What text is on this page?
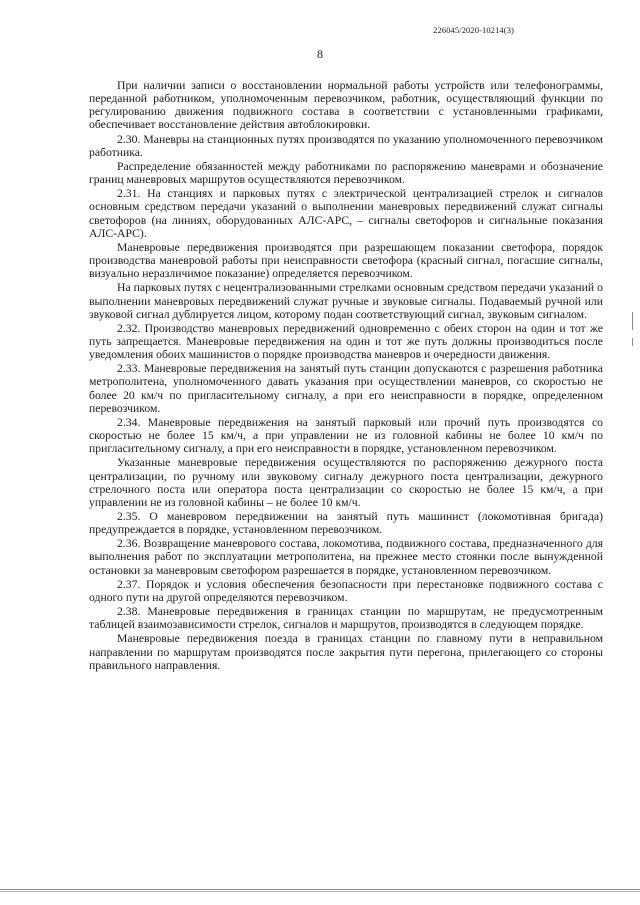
226045/2020-10214(3)
8

При наличии записи о восстановлении нормальной работы устройств или телефонограммы, переданной работником, уполномоченным перевозчиком, работник, осуществляющий функции по регулированию движения подвижного состава в соответствии с установленными графиками, обеспечивает восстановление действия автоблокировки.

2.30. Маневры на станционных путях производятся по указанию уполномоченного перевозчиком работника.

Распределение обязанностей между работниками по распоряжению маневрами и обозначение границ маневровых маршрутов осуществляются перевозчиком.

2.31. На станциях и парковых путях с электрической централизацией стрелок и сигналов основным средством передачи указаний о выполнении маневровых передвижений служат сигналы светофоров (на линиях, оборудованных АЛС-АРС, – сигналы светофоров и сигнальные показания АЛС-АРС).

Маневровые передвижения производятся при разрешающем показании светофора, порядок производства маневровой работы при неисправности светофора (красный сигнал, погасшие сигналы, визуально неразличимое показание) определяется перевозчиком.

На парковых путях с нецентрализованными стрелками основным средством передачи указаний о выполнении маневровых передвижений служат ручные и звуковые сигналы. Подаваемый ручной или звуковой сигнал дублируется лицом, которому подан соответствующий сигнал, звуковым сигналом.

2.32. Производство маневровых передвижений одновременно с обеих сторон на один и тот же путь запрещается. Маневровые передвижения на один и тот же путь должны производиться после уведомления обоих машинистов о порядке производства маневров и очередности движения.

2.33. Маневровые передвижения на занятый путь станции допускаются с разрешения работника метрополитена, уполномоченного давать указания при осуществлении маневров, со скоростью не более 20 км/ч по пригласительному сигналу, а при его неисправности в порядке, определенном перевозчиком.

2.34. Маневровые передвижения на занятый парковый или прочий путь производятся со скоростью не более 15 км/ч, а при управлении не из головной кабины не более 10 км/ч по пригласительному сигналу, а при его неисправности в порядке, установленном перевозчиком.

Указанные маневровые передвижения осуществляются по распоряжению дежурного поста централизации, по ручному или звуковому сигналу дежурного поста централизации, дежурного стрелочного поста или оператора поста централизации со скоростью не более 15 км/ч, а при управлении не из головной кабины – не более 10 км/ч.

2.35. О маневровом передвижении на занятый путь машинист (локомотивная бригада) предупреждается в порядке, установленном перевозчиком.

2.36. Возвращение маневрового состава, локомотива, подвижного состава, предназначенного для выполнения работ по эксплуатации метрополитена, на прежнее место стоянки после вынужденной остановки за маневровым светофором разрешается в порядке, установленном перевозчиком.

2.37. Порядок и условия обеспечения безопасности при перестановке подвижного состава с одного пути на другой определяются перевозчиком.

2.38. Маневровые передвижения в границах станции по маршрутам, не предусмотренным таблицей взаимозависимости стрелок, сигналов и маршрутов, производятся в следующем порядке.

Маневровые передвижения поезда в границах станции по главному пути в неправильном направлении по маршрутам производятся после закрытия пути перегона, прилегающего со стороны правильного направления.
